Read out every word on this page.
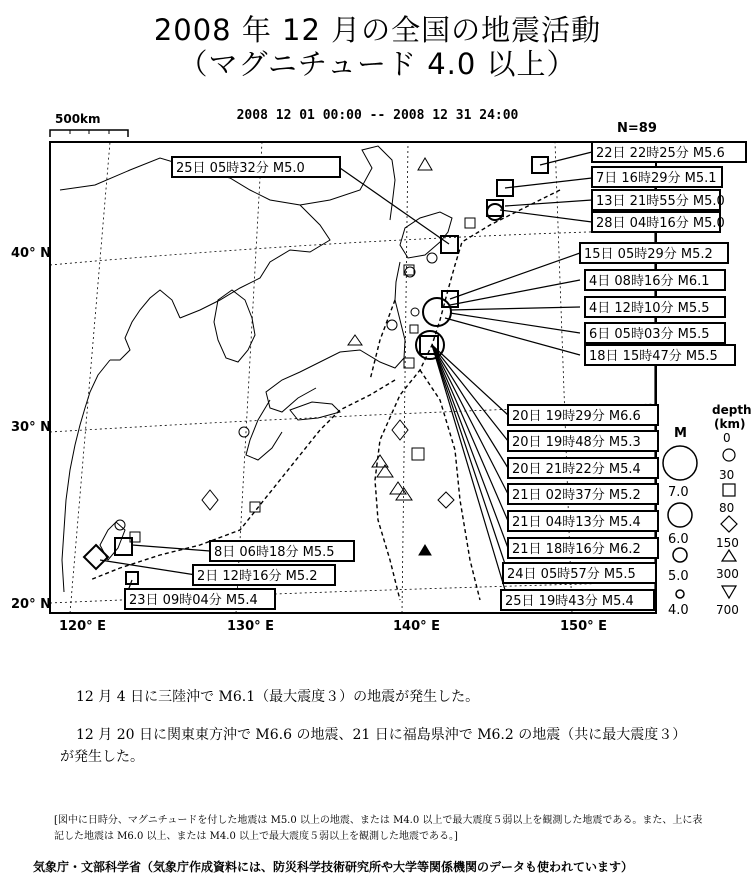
2008 年 12 月の全国の地震活動
（マグニチュード 4.0 以上）
2008 12 01 00:00 -- 2008 12 31 24:00
N=89
500km
40° N
30° N
20° N
120° E	130° E	140° E	150° E
25日 05時32分 M5.0
22日 22時25分 M5.6
7日 16時29分 M5.1
13日 21時55分 M5.0
28日 04時16分 M5.0
15日 05時29分 M5.2
4日 08時16分 M6.1
4日 12時10分 M5.5
6日 05時03分 M5.5
18日 15時47分 M5.5
20日 19時29分 M6.6
20日 19時48分 M5.3
20日 21時22分 M5.4
21日 02時37分 M5.2
21日 04時13分 M5.4
21日 18時16分 M6.2
24日 05時57分 M5.5
25日 19時43分 M5.4
8日 06時18分 M5.5
2日 12時16分 M5.2
23日 09時04分 M5.4
M
7.0
6.0
5.0
4.0
depth
(km)
0
30
80
150
300
700
12 月 4 日に三陸沖で M6.1（最大震度３）の地震が発生した。
12 月 20 日に関東東方沖で M6.6 の地震、21 日に福島県沖で M6.2 の地震（共に最大震度３）が発生した。
[図中に日時分、マグニチュードを付した地震は M5.0 以上の地震、または M4.0 以上で最大震度５弱以上を観測した地震である。また、上に表記した地震は M6.0 以上、または M4.0 以上で最大震度５弱以上を観測した地震である。]
気象庁・文部科学省（気象庁作成資料には、防災科学技術研究所や大学等関係機関のデータも使われています）
